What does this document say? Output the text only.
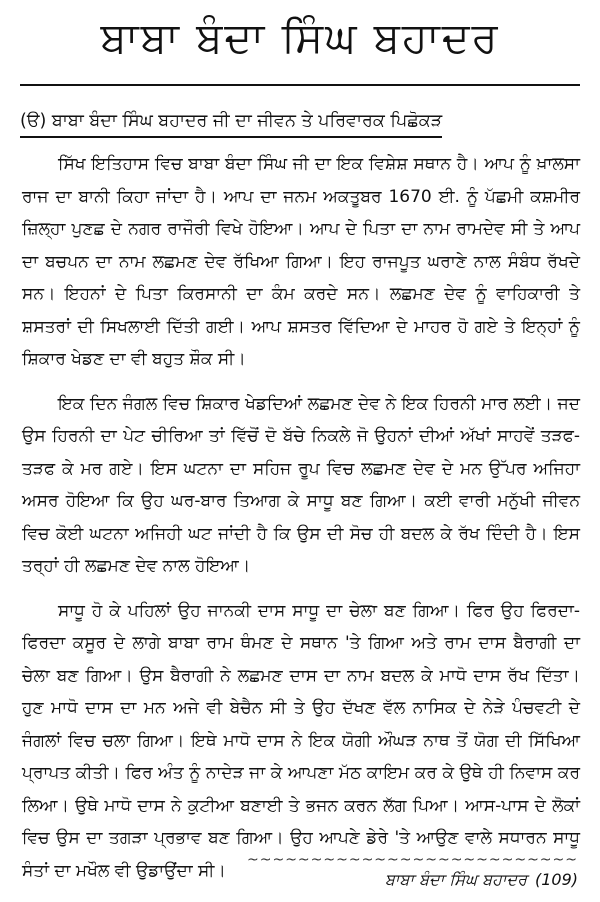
ਬਾਬਾ ਬੰਦਾ ਸਿੰਘ ਬਹਾਦਰ
(ੳ) ਬਾਬਾ ਬੰਦਾ ਸਿੰਘ ਬਹਾਦਰ ਜੀ ਦਾ ਜੀਵਨ ਤੇ ਪਰਿਵਾਰਕ ਪਿਛੋਕੜ

ਸਿੱਖ ਇਤਿਹਾਸ ਵਿਚ ਬਾਬਾ ਬੰਦਾ ਸਿੰਘ ਜੀ ਦਾ ਇਕ ਵਿਸ਼ੇਸ਼ ਸਥਾਨ ਹੈ। ਆਪ ਨੂੰ ਖ਼ਾਲਸਾ ਰਾਜ ਦਾ ਬਾਨੀ ਕਿਹਾ ਜਾਂਦਾ ਹੈ। ਆਪ ਦਾ ਜਨਮ ਅਕਤੂਬਰ 1670 ਈ. ਨੂੰ ਪੱਛਮੀ ਕਸ਼ਮੀਰ ਜ਼ਿਲ੍ਹਾ ਪੁਣਛ ਦੇ ਨਗਰ ਰਾਜੌਰੀ ਵਿਖੇ ਹੋਇਆ। ਆਪ ਦੇ ਪਿਤਾ ਦਾ ਨਾਮ ਰਾਮਦੇਵ ਸੀ ਤੇ ਆਪ ਦਾ ਬਚਪਨ ਦਾ ਨਾਮ ਲਛਮਣ ਦੇਵ ਰੱਖਿਆ ਗਿਆ। ਇਹ ਰਾਜਪੂਤ ਘਰਾਣੇ ਨਾਲ ਸੰਬੰਧ ਰੱਖਦੇ ਸਨ। ਇਹਨਾਂ ਦੇ ਪਿਤਾ ਕਿਰਸਾਨੀ ਦਾ ਕੰਮ ਕਰਦੇ ਸਨ। ਲਛਮਣ ਦੇਵ ਨੂੰ ਵਾਹਿਕਾਰੀ ਤੇ ਸ਼ਸਤਰਾਂ ਦੀ ਸਿਖਲਾਈ ਦਿੱਤੀ ਗਈ। ਆਪ ਸ਼ਸਤਰ ਵਿੱਦਿਆ ਦੇ ਮਾਹਰ ਹੋ ਗਏ ਤੇ ਇਨ੍ਹਾਂ ਨੂੰ ਸ਼ਿਕਾਰ ਖੇਡਣ ਦਾ ਵੀ ਬਹੁਤ ਸ਼ੌਕ ਸੀ।

ਇਕ ਦਿਨ ਜੰਗਲ ਵਿਚ ਸ਼ਿਕਾਰ ਖੇਡਦਿਆਂ ਲਛਮਣ ਦੇਵ ਨੇ ਇਕ ਹਿਰਨੀ ਮਾਰ ਲਈ। ਜਦ ਉਸ ਹਿਰਨੀ ਦਾ ਪੇਟ ਚੀਰਿਆ ਤਾਂ ਵਿੱਚੋਂ ਦੋ ਬੱਚੇ ਨਿਕਲੇ ਜੋ ਉਹਨਾਂ ਦੀਆਂ ਅੱਖਾਂ ਸਾਹਵੇਂ ਤੜਫ-ਤੜਫ ਕੇ ਮਰ ਗਏ। ਇਸ ਘਟਨਾ ਦਾ ਸਹਿਜ ਰੂਪ ਵਿਚ ਲਛਮਣ ਦੇਵ ਦੇ ਮਨ ਉੱਪਰ ਅਜਿਹਾ ਅਸਰ ਹੋਇਆ ਕਿ ਉਹ ਘਰ-ਬਾਰ ਤਿਆਗ ਕੇ ਸਾਧੂ ਬਣ ਗਿਆ। ਕਈ ਵਾਰੀ ਮਨੁੱਖੀ ਜੀਵਨ ਵਿਚ ਕੋਈ ਘਟਨਾ ਅਜਿਹੀ ਘਟ ਜਾਂਦੀ ਹੈ ਕਿ ਉਸ ਦੀ ਸੋਚ ਹੀ ਬਦਲ ਕੇ ਰੱਖ ਦਿੰਦੀ ਹੈ। ਇਸ ਤਰ੍ਹਾਂ ਹੀ ਲਛਮਣ ਦੇਵ ਨਾਲ ਹੋਇਆ।

ਸਾਧੂ ਹੋ ਕੇ ਪਹਿਲਾਂ ਉਹ ਜਾਨਕੀ ਦਾਸ ਸਾਧੂ ਦਾ ਚੇਲਾ ਬਣ ਗਿਆ। ਫਿਰ ਉਹ ਫਿਰਦਾ-ਫਿਰਦਾ ਕਸੂਰ ਦੇ ਲਾਗੇ ਬਾਬਾ ਰਾਮ ਥੰਮਣ ਦੇ ਸਥਾਨ 'ਤੇ ਗਿਆ ਅਤੇ ਰਾਮ ਦਾਸ ਬੈਰਾਗੀ ਦਾ ਚੇਲਾ ਬਣ ਗਿਆ। ਉਸ ਬੈਰਾਗੀ ਨੇ ਲਛਮਣ ਦਾਸ ਦਾ ਨਾਮ ਬਦਲ ਕੇ ਮਾਧੋ ਦਾਸ ਰੱਖ ਦਿੱਤਾ। ਹੁਣ ਮਾਧੋ ਦਾਸ ਦਾ ਮਨ ਅਜੇ ਵੀ ਬੇਚੈਨ ਸੀ ਤੇ ਉਹ ਦੱਖਣ ਵੱਲ ਨਾਸਿਕ ਦੇ ਨੇੜੇ ਪੰਚਵਟੀ ਦੇ ਜੰਗਲਾਂ ਵਿਚ ਚਲਾ ਗਿਆ। ਇਥੇ ਮਾਧੋ ਦਾਸ ਨੇ ਇਕ ਯੋਗੀ ਔਘੜ ਨਾਥ ਤੋਂ ਯੋਗ ਦੀ ਸਿੱਖਿਆ ਪ੍ਰਾਪਤ ਕੀਤੀ। ਫਿਰ ਅੰਤ ਨੂੰ ਨਾਦੇੜ ਜਾ ਕੇ ਆਪਣਾ ਮੱਠ ਕਾਇਮ ਕਰ ਕੇ ਉਥੇ ਹੀ ਨਿਵਾਸ ਕਰ ਲਿਆ। ਉਥੇ ਮਾਧੋ ਦਾਸ ਨੇ ਕੁਟੀਆ ਬਣਾਈ ਤੇ ਭਜਨ ਕਰਨ ਲੱਗ ਪਿਆ। ਆਸ-ਪਾਸ ਦੇ ਲੋਕਾਂ ਵਿਚ ਉਸ ਦਾ ਤਗੜਾ ਪ੍ਰਭਾਵ ਬਣ ਗਿਆ। ਉਹ ਆਪਣੇ ਡੇਰੇ 'ਤੇ ਆਉਣ ਵਾਲੇ ਸਧਾਰਨ ਸਾਧੂ ਸੰਤਾਂ ਦਾ ਮਖੌਲ ਵੀ ਉਡਾਉਂਦਾ ਸੀ।

~~~~~~~~~~~~~~~~~~~~~~~~~~
ਬਾਬਾ ਬੰਦਾ ਸਿੰਘ ਬਹਾਦਰ (109)
